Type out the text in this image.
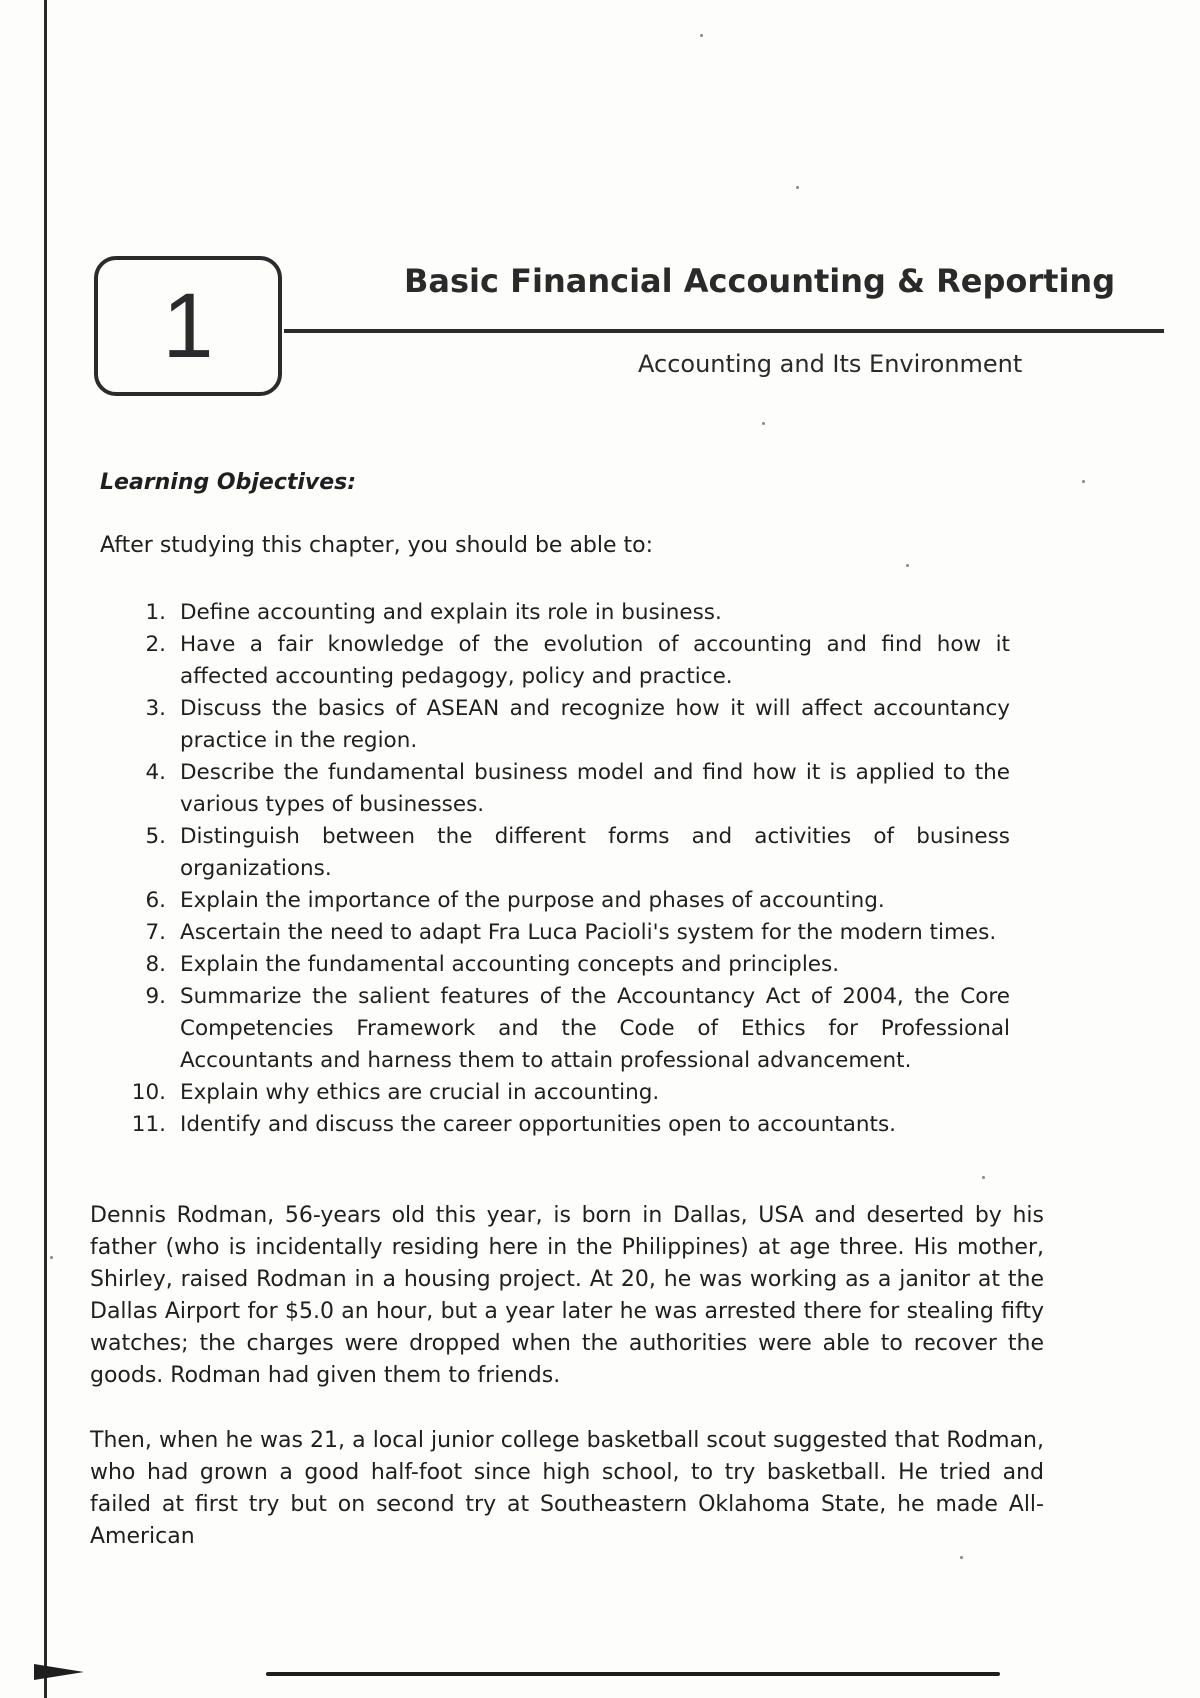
1	Basic Financial Accounting & Reporting
Accounting and Its Environment
Learning Objectives:
After studying this chapter, you should be able to:
1. Define accounting and explain its role in business.
2. Have a fair knowledge of the evolution of accounting and find how it affected accounting pedagogy, policy and practice.
3. Discuss the basics of ASEAN and recognize how it will affect accountancy practice in the region.
4. Describe the fundamental business model and find how it is applied to the various types of businesses.
5. Distinguish between the different forms and activities of business organizations.
6. Explain the importance of the purpose and phases of accounting.
7. Ascertain the need to adapt Fra Luca Pacioli's system for the modern times.
8. Explain the fundamental accounting concepts and principles.
9. Summarize the salient features of the Accountancy Act of 2004, the Core Competencies Framework and the Code of Ethics for Professional Accountants and harness them to attain professional advancement.
10. Explain why ethics are crucial in accounting.
11. Identify and discuss the career opportunities open to accountants.

Dennis Rodman, 56-years old this year, is born in Dallas, USA and deserted by his father (who is incidentally residing here in the Philippines) at age three. His mother, Shirley, raised Rodman in a housing project. At 20, he was working as a janitor at the Dallas Airport for $5.0 an hour, but a year later he was arrested there for stealing fifty watches; the charges were dropped when the authorities were able to recover the goods. Rodman had given them to friends.

Then, when he was 21, a local junior college basketball scout suggested that Rodman, who had grown a good half-foot since high school, to try basketball. He tried and failed at first try but on second try at Southeastern Oklahoma State, he made All-American
